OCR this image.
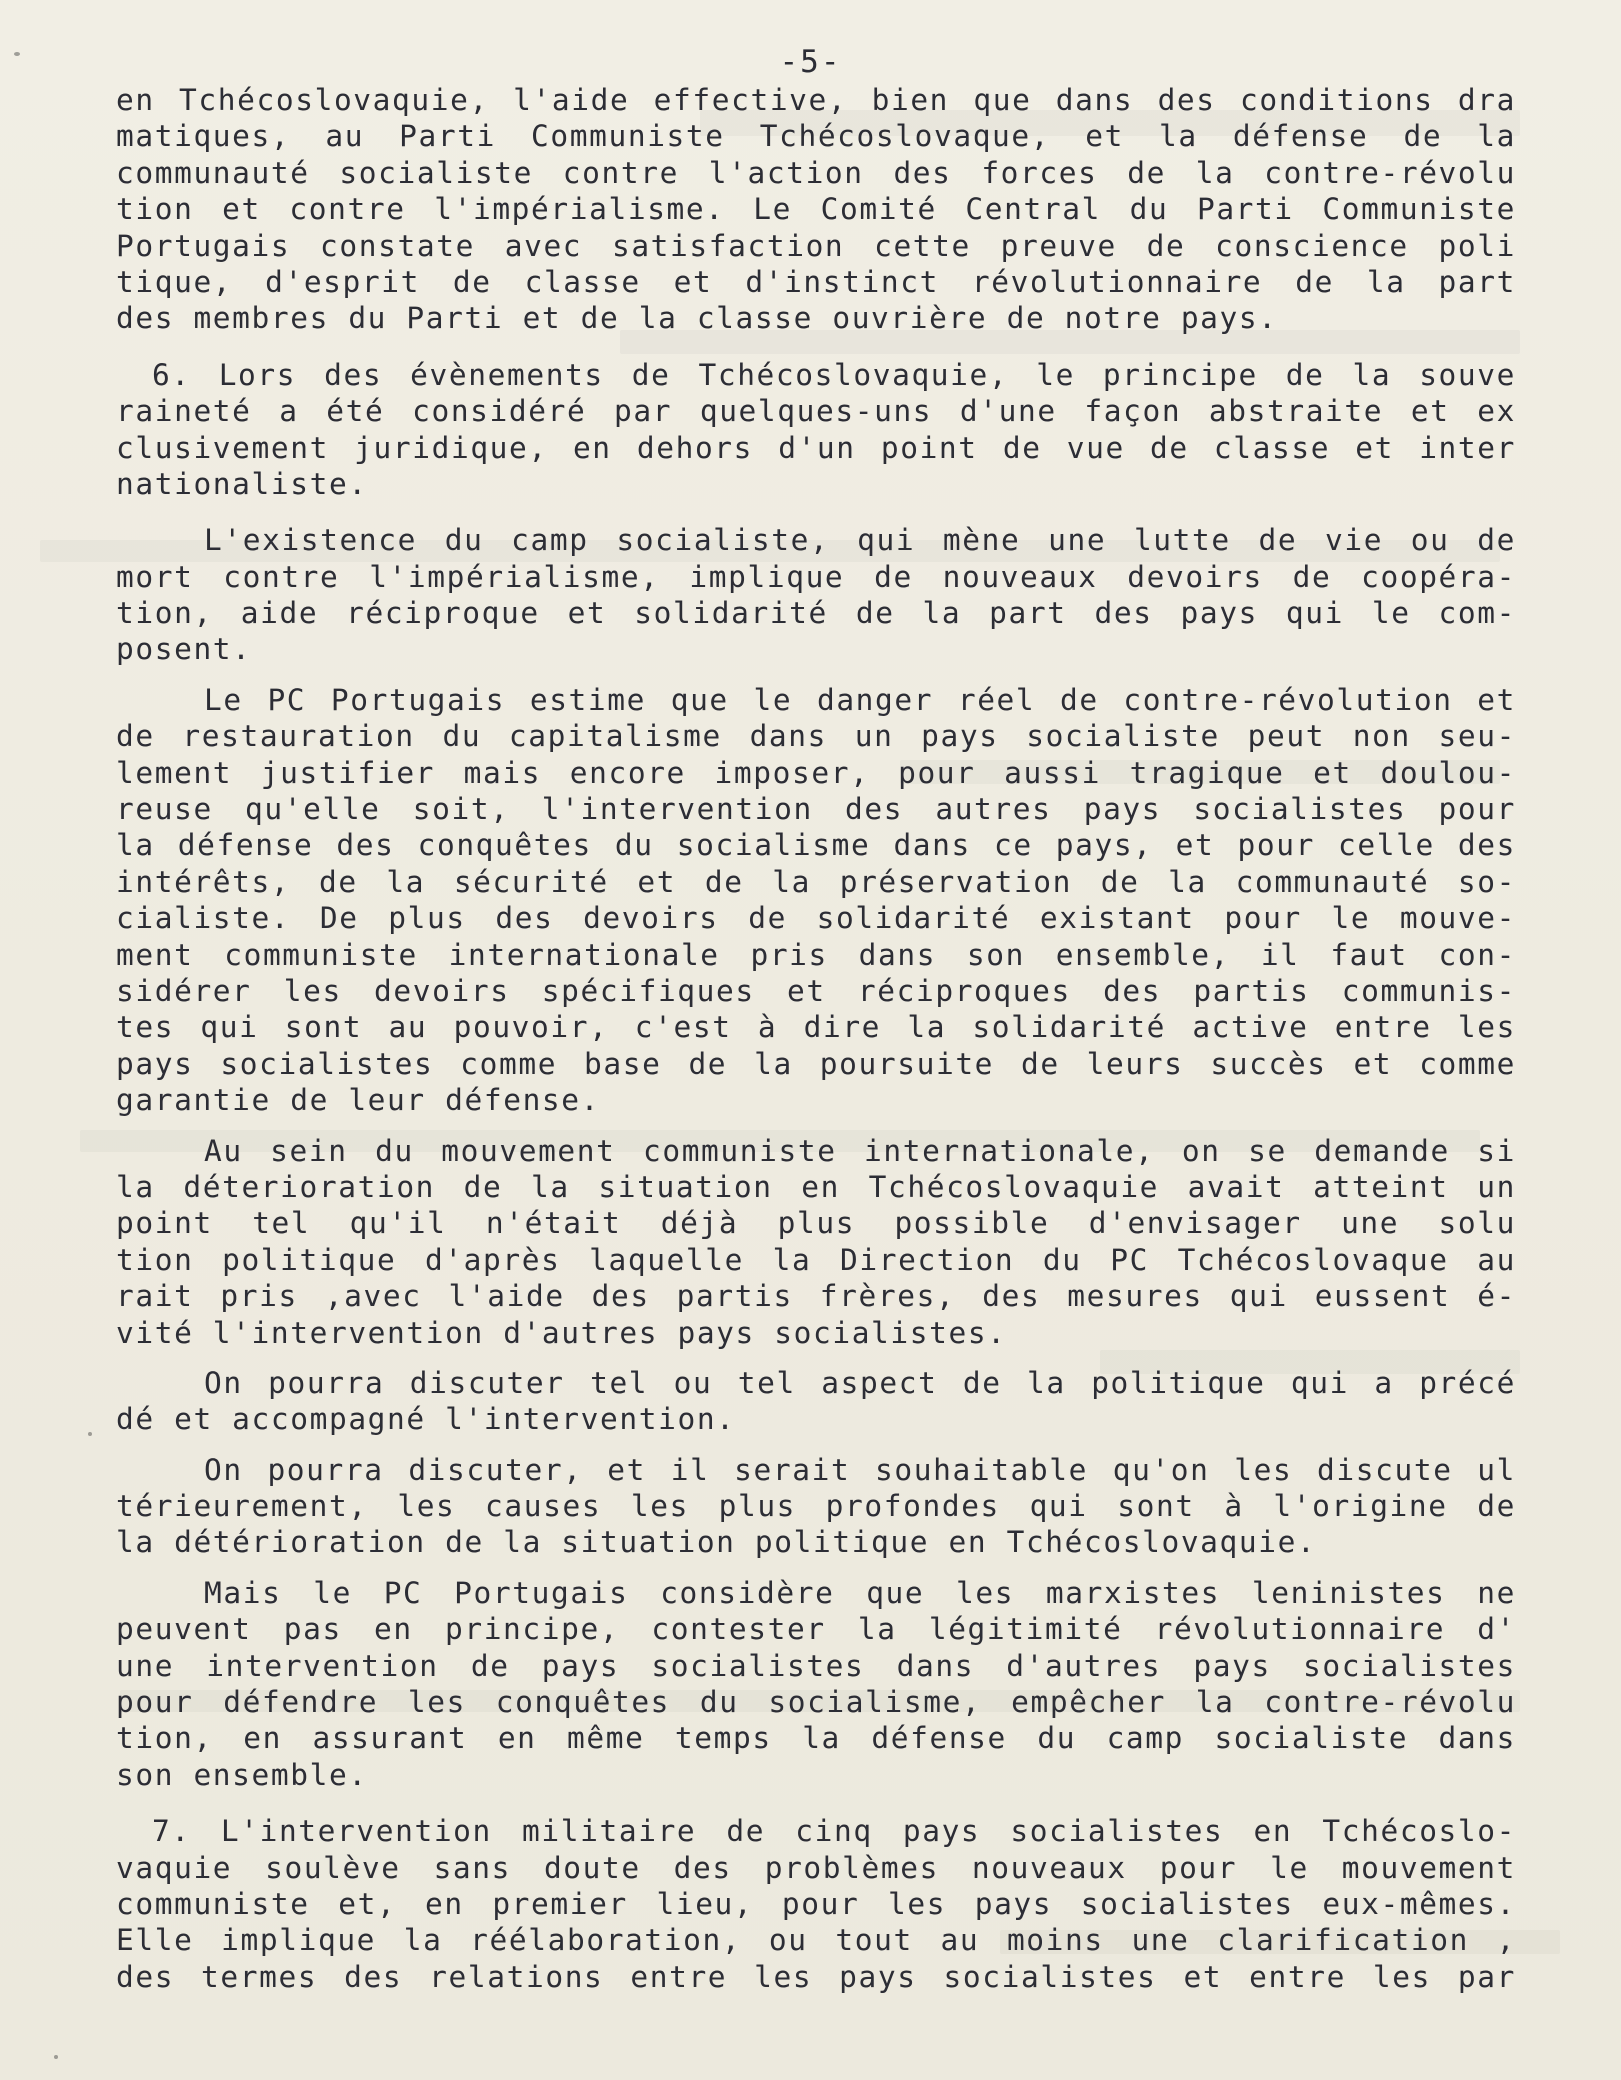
-5-
en Tchécoslovaquie, l'aide effective, bien que dans des conditions dra
matiques, au Parti Communiste Tchécoslovaque, et la défense de la
communauté socialiste contre l'action des forces de la contre-révolu
tion et contre l'impérialisme. Le Comité Central du Parti Communiste
Portugais constate avec satisfaction cette preuve de conscience poli
tique, d'esprit de classe et d'instinct révolutionnaire de la part
des membres du Parti et de la classe ouvrière de notre pays.
6. Lors des évènements de Tchécoslovaquie, le principe de la souve
raineté a été considéré par quelques-uns d'une façon abstraite et ex
clusivement juridique, en dehors d'un point de vue de classe et inter
nationaliste.
L'existence du camp socialiste, qui mène une lutte de vie ou de
mort contre l'impérialisme, implique de nouveaux devoirs de coopéra-
tion, aide réciproque et solidarité de la part des pays qui le com-
posent.
Le PC Portugais estime que le danger réel de contre-révolution et
de restauration du capitalisme dans un pays socialiste peut non seu-
lement justifier mais encore imposer, pour aussi tragique et doulou-
reuse qu'elle soit, l'intervention des autres pays socialistes pour
la défense des conquêtes du socialisme dans ce pays, et pour celle des
intérêts, de la sécurité et de la préservation de la communauté so-
cialiste. De plus des devoirs de solidarité existant pour le mouve-
ment communiste internationale pris dans son ensemble, il faut con-
sidérer les devoirs spécifiques et réciproques des partis communis-
tes qui sont au pouvoir, c'est à dire la solidarité active entre les
pays socialistes comme base de la poursuite de leurs succès et comme
garantie de leur défense.
Au sein du mouvement communiste internationale, on se demande si
la déterioration de la situation en Tchécoslovaquie avait atteint un
point tel qu'il n'était déjà plus possible d'envisager une solu
tion politique d'après laquelle la Direction du PC Tchécoslovaque au
rait pris ,avec l'aide des partis frères, des mesures qui eussent é-
vité l'intervention d'autres pays socialistes.
On pourra discuter tel ou tel aspect de la politique qui a précé
dé et accompagné l'intervention.
On pourra discuter, et il serait souhaitable qu'on les discute ul
térieurement, les causes les plus profondes qui sont à l'origine de
la détérioration de la situation politique en Tchécoslovaquie.
Mais le PC Portugais considère que les marxistes leninistes ne
peuvent pas en principe, contester la légitimité révolutionnaire d'
une intervention de pays socialistes dans d'autres pays socialistes
pour défendre les conquêtes du socialisme, empêcher la contre-révolu
tion, en assurant en même temps la défense du camp socialiste dans
son ensemble.
7. L'intervention militaire de cinq pays socialistes en Tchécoslo-
vaquie soulève sans doute des problèmes nouveaux pour le mouvement
communiste et, en premier lieu, pour les pays socialistes eux-mêmes.
Elle implique la réélaboration, ou tout au moins une clarification ,
des termes des relations entre les pays socialistes et entre les par
